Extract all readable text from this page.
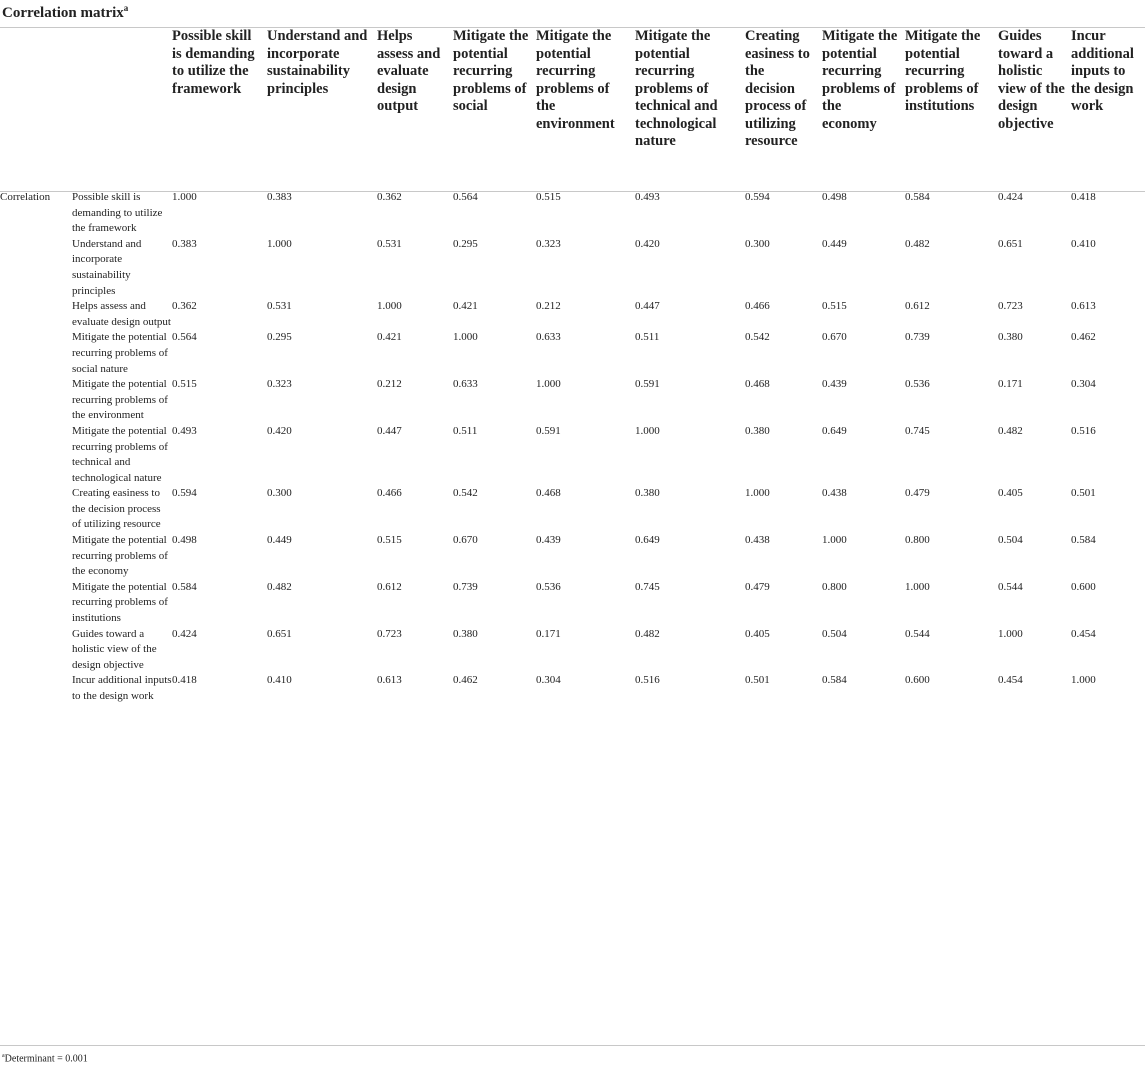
Correlation matrix$^a$
		Possible skill is demanding to utilize the framework	Understand and incorporate sustainability principles	Helps assess and evaluate design output	Mitigate the potential recurring problems of social	Mitigate the potential recurring problems of the environment	Mitigate the potential recurring problems of technical and technological nature	Creating easiness to the decision process of utilizing resource	Mitigate the potential recurring problems of the economy	Mitigate the potential recurring problems of institutions	Guides toward a holistic view of the design objective	Incur additional inputs to the design work
Correlation	Possible skill is demanding to utilize the framework	1.000	0.383	0.362	0.564	0.515	0.493	0.594	0.498	0.584	0.424	0.418
	Understand and incorporate sustainability principles	0.383	1.000	0.531	0.295	0.323	0.420	0.300	0.449	0.482	0.651	0.410
	Helps assess and evaluate design output	0.362	0.531	1.000	0.421	0.212	0.447	0.466	0.515	0.612	0.723	0.613
	Mitigate the potential recurring problems of social nature	0.564	0.295	0.421	1.000	0.633	0.511	0.542	0.670	0.739	0.380	0.462
	Mitigate the potential recurring problems of the environment	0.515	0.323	0.212	0.633	1.000	0.591	0.468	0.439	0.536	0.171	0.304
	Mitigate the potential recurring problems of technical and technological nature	0.493	0.420	0.447	0.511	0.591	1.000	0.380	0.649	0.745	0.482	0.516
	Creating easiness to the decision process of utilizing resource	0.594	0.300	0.466	0.542	0.468	0.380	1.000	0.438	0.479	0.405	0.501
	Mitigate the potential recurring problems of the economy	0.498	0.449	0.515	0.670	0.439	0.649	0.438	1.000	0.800	0.504	0.584
	Mitigate the potential recurring problems of institutions	0.584	0.482	0.612	0.739	0.536	0.745	0.479	0.800	1.000	0.544	0.600
	Guides toward a holistic view of the design objective	0.424	0.651	0.723	0.380	0.171	0.482	0.405	0.504	0.544	1.000	0.454
	Incur additional inputs to the design work	0.418	0.410	0.613	0.462	0.304	0.516	0.501	0.584	0.600	0.454	1.000

$^a$Determinant = 0.001
